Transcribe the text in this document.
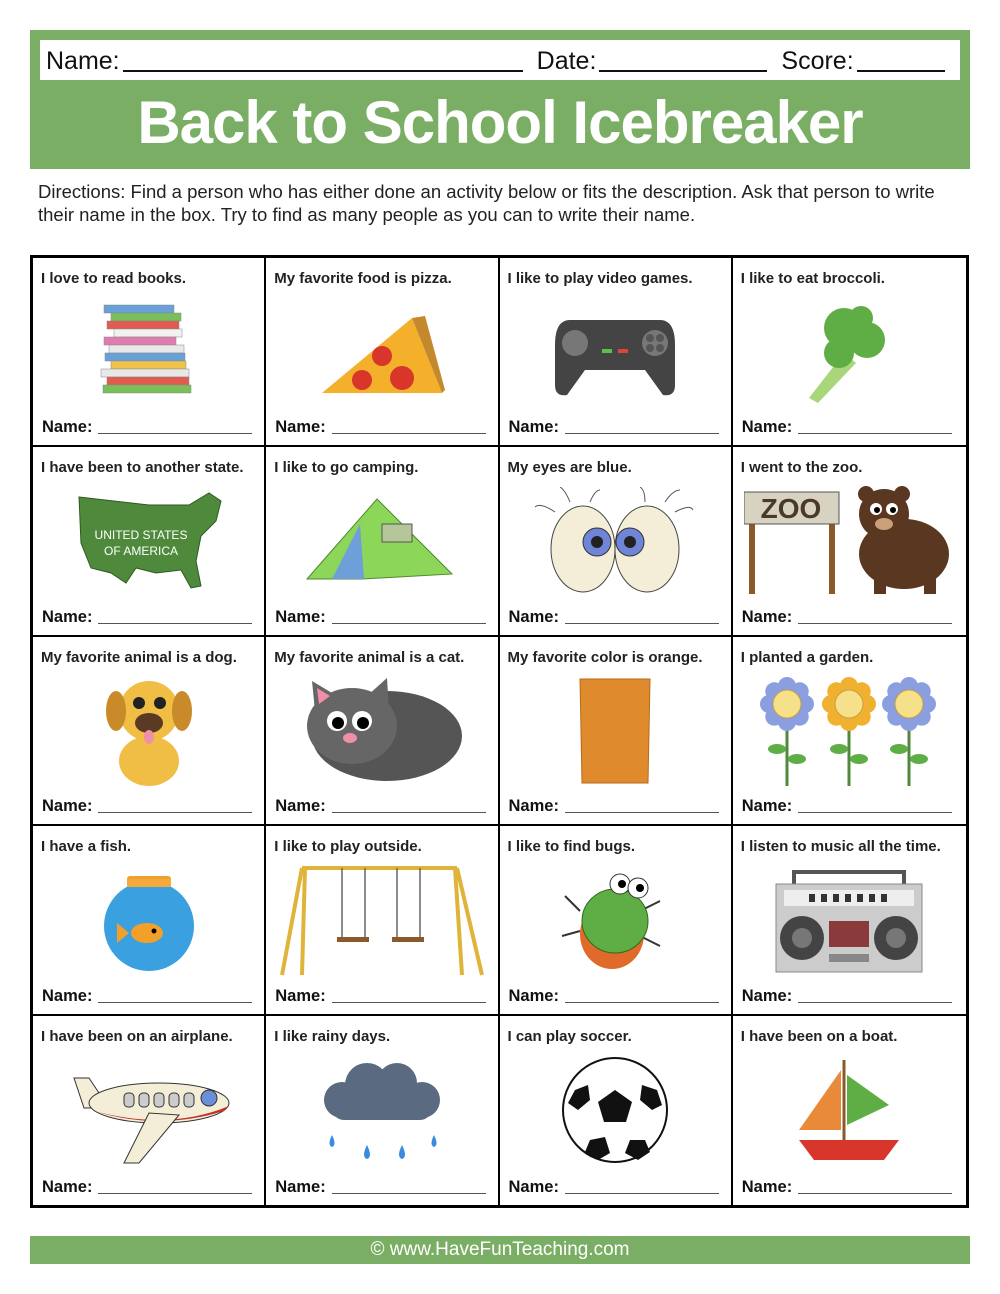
Name:	Date:	Score:
Back to School Icebreaker
Directions: Find a person who has either done an activity below or fits the description. Ask that person to write their name in the box. Try to find as many people as you can to write their name.
I love to read books.
Name:
My favorite food is pizza.
Name:
I like to play video games.
Name:
I like to eat broccoli.
Name:
I have been to another state.
UNITED STATES
OF AMERICA
Name:
I like to go camping.
Name:
My eyes are blue.
Name:
I went to the zoo.
ZOO
Name:
My favorite animal is a dog.
Name:
My favorite animal is a cat.
Name:
My favorite color is orange.
Name:
I planted a garden.
Name:
I have a fish.
Name:
I like to play outside.
Name:
I like to find bugs.
Name:
I listen to music all the time.
Name:
I have been on an airplane.
Name:
I like rainy days.
Name:
I can play soccer.
Name:
I have been on a boat.
Name:
© www.HaveFunTeaching.com
